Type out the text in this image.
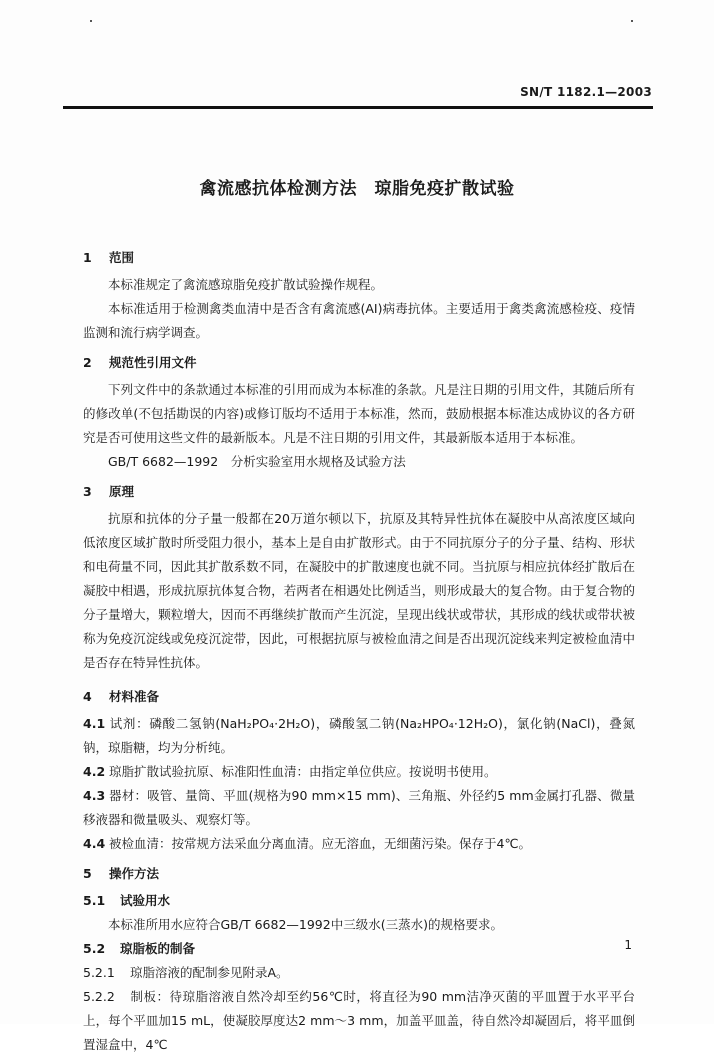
SN/T 1182.1—2003
禽流感抗体检测方法　琼脂免疫扩散试验
1 范围

本标准规定了禽流感琼脂免疫扩散试验操作规程。

本标准适用于检测禽类血清中是否含有禽流感(AI)病毒抗体。主要适用于禽类禽流感检疫、疫情监测和流行病学调查。

2 规范性引用文件

下列文件中的条款通过本标准的引用而成为本标准的条款。凡是注日期的引用文件，其随后所有的修改单(不包括勘误的内容)或修订版均不适用于本标准，然而，鼓励根据本标准达成协议的各方研究是否可使用这些文件的最新版本。凡是不注日期的引用文件，其最新版本适用于本标准。

GB/T 6682—1992　分析实验室用水规格及试验方法

3 原理

抗原和抗体的分子量一般都在20万道尔顿以下，抗原及其特异性抗体在凝胶中从高浓度区域向低浓度区域扩散时所受阻力很小，基本上是自由扩散形式。由于不同抗原分子的分子量、结构、形状和电荷量不同，因此其扩散系数不同，在凝胶中的扩散速度也就不同。当抗原与相应抗体经扩散后在凝胶中相遇，形成抗原抗体复合物，若两者在相遇处比例适当，则形成最大的复合物。由于复合物的分子量增大，颗粒增大，因而不再继续扩散而产生沉淀，呈现出线状或带状，其形成的线状或带状被称为免疫沉淀线或免疫沉淀带，因此，可根据抗原与被检血清之间是否出现沉淀线来判定被检血清中是否存在特异性抗体。

4 材料准备

4.1 试剂：磷酸二氢钠(NaH₂PO₄·2H₂O)，磷酸氢二钠(Na₂HPO₄·12H₂O)，氯化钠(NaCl)，叠氮钠，琼脂糖，均为分析纯。

4.2 琼脂扩散试验抗原、标准阳性血清：由指定单位供应。按说明书使用。

4.3 器材：吸管、量筒、平皿(规格为90 mm×15 mm)、三角瓶、外径约5 mm金属打孔器、微量移液器和微量吸头、观察灯等。

4.4 被检血清：按常规方法采血分离血清。应无溶血，无细菌污染。保存于4℃。

5 操作方法
5.1 试验用水

本标准所用水应符合GB/T 6682—1992中三级水(三蒸水)的规格要求。

5.2 琼脂板的制备

5.2.1 琼脂溶液的配制参见附录A。

5.2.2 制板：待琼脂溶液自然冷却至约56℃时，将直径为90 mm洁净灭菌的平皿置于水平平台上，每个平皿加15 mL，使凝胶厚度达2 mm～3 mm，加盖平皿盖，待自然冷却凝固后，将平皿倒置湿盒中，4℃

1
